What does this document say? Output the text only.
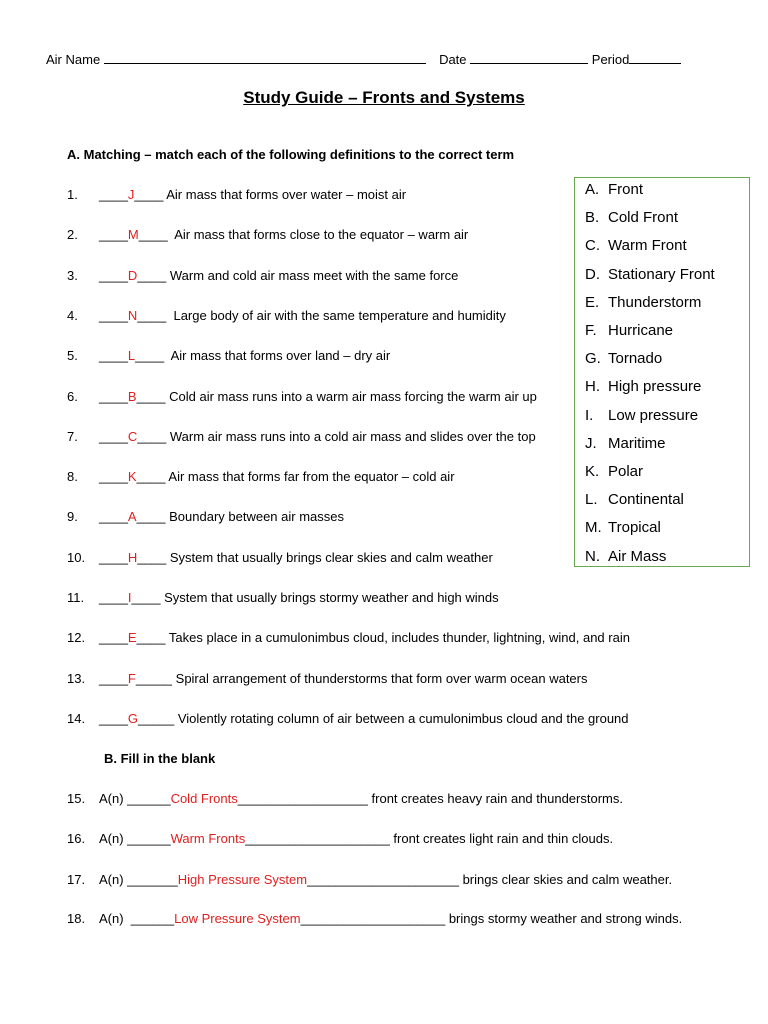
Air Name	Date	Period
Study Guide – Fronts and Systems
A. Matching – match each of the following definitions to the correct term
1. ____J____ Air mass that forms over water – moist air
2. ____M____  Air mass that forms close to the equator – warm air
3. ____D____ Warm and cold air mass meet with the same force
4. ____N____  Large body of air with the same temperature and humidity
5. ____L____  Air mass that forms over land – dry air
6. ____B____ Cold air mass runs into a warm air mass forcing the warm air up
7. ____C____ Warm air mass runs into a cold air mass and slides over the top
8. ____K____ Air mass that forms far from the equator – cold air
9. ____A____ Boundary between air masses
10. ____H____ System that usually brings clear skies and calm weather
11. ____I____ System that usually brings stormy weather and high winds
12. ____E____ Takes place in a cumulonimbus cloud, includes thunder, lightning, wind, and rain
13. ____F_____ Spiral arrangement of thunderstorms that form over warm ocean waters
14. ____G_____ Violently rotating column of air between a cumulonimbus cloud and the ground
A. Front
B. Cold Front
C. Warm Front
D. Stationary Front
E. Thunderstorm
F. Hurricane
G. Tornado
H. High pressure
I. Low pressure
J. Maritime
K. Polar
L. Continental
M. Tropical
N. Air Mass
B. Fill in the blank
15. A(n) ______Cold Fronts__________________ front creates heavy rain and thunderstorms.
16. A(n) ______Warm Fronts____________________ front creates light rain and thin clouds.
17. A(n) _______High Pressure System_____________________ brings clear skies and calm weather.
18. A(n)  ______Low Pressure System____________________ brings stormy weather and strong winds.
